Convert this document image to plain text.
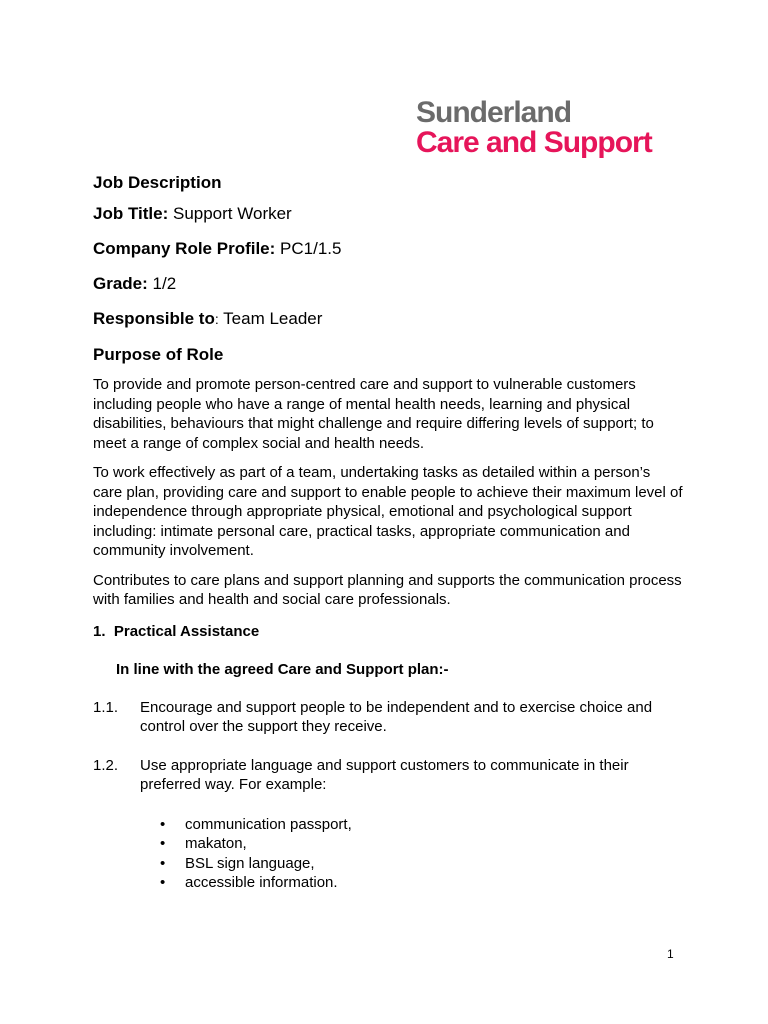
Sunderland
Care and Support
Job Description
Job Title: Support Worker
Company Role Profile: PC1/1.5
Grade: 1/2
Responsible to: Team Leader
Purpose of Role

To provide and promote person-centred care and support to vulnerable customers including people who have a range of mental health needs, learning and physical disabilities, behaviours that might challenge and require differing levels of support; to meet a range of complex social and health needs.

To work effectively as part of a team, undertaking tasks as detailed within a person’s care plan, providing care and support to enable people to achieve their maximum level of independence through appropriate physical, emotional and psychological support including: intimate personal care, practical tasks, appropriate communication and community involvement.

Contributes to care plans and support planning and supports the communication process with families and health and social care professionals.

1. Practical Assistance
In line with the agreed Care and Support plan:-
1.1. Encourage and support people to be independent and to exercise choice and control over the support they receive.
1.2. Use appropriate language and support customers to communicate in their preferred way. For example:
• communication passport,
• makaton,
• BSL sign language,
• accessible information.
1
